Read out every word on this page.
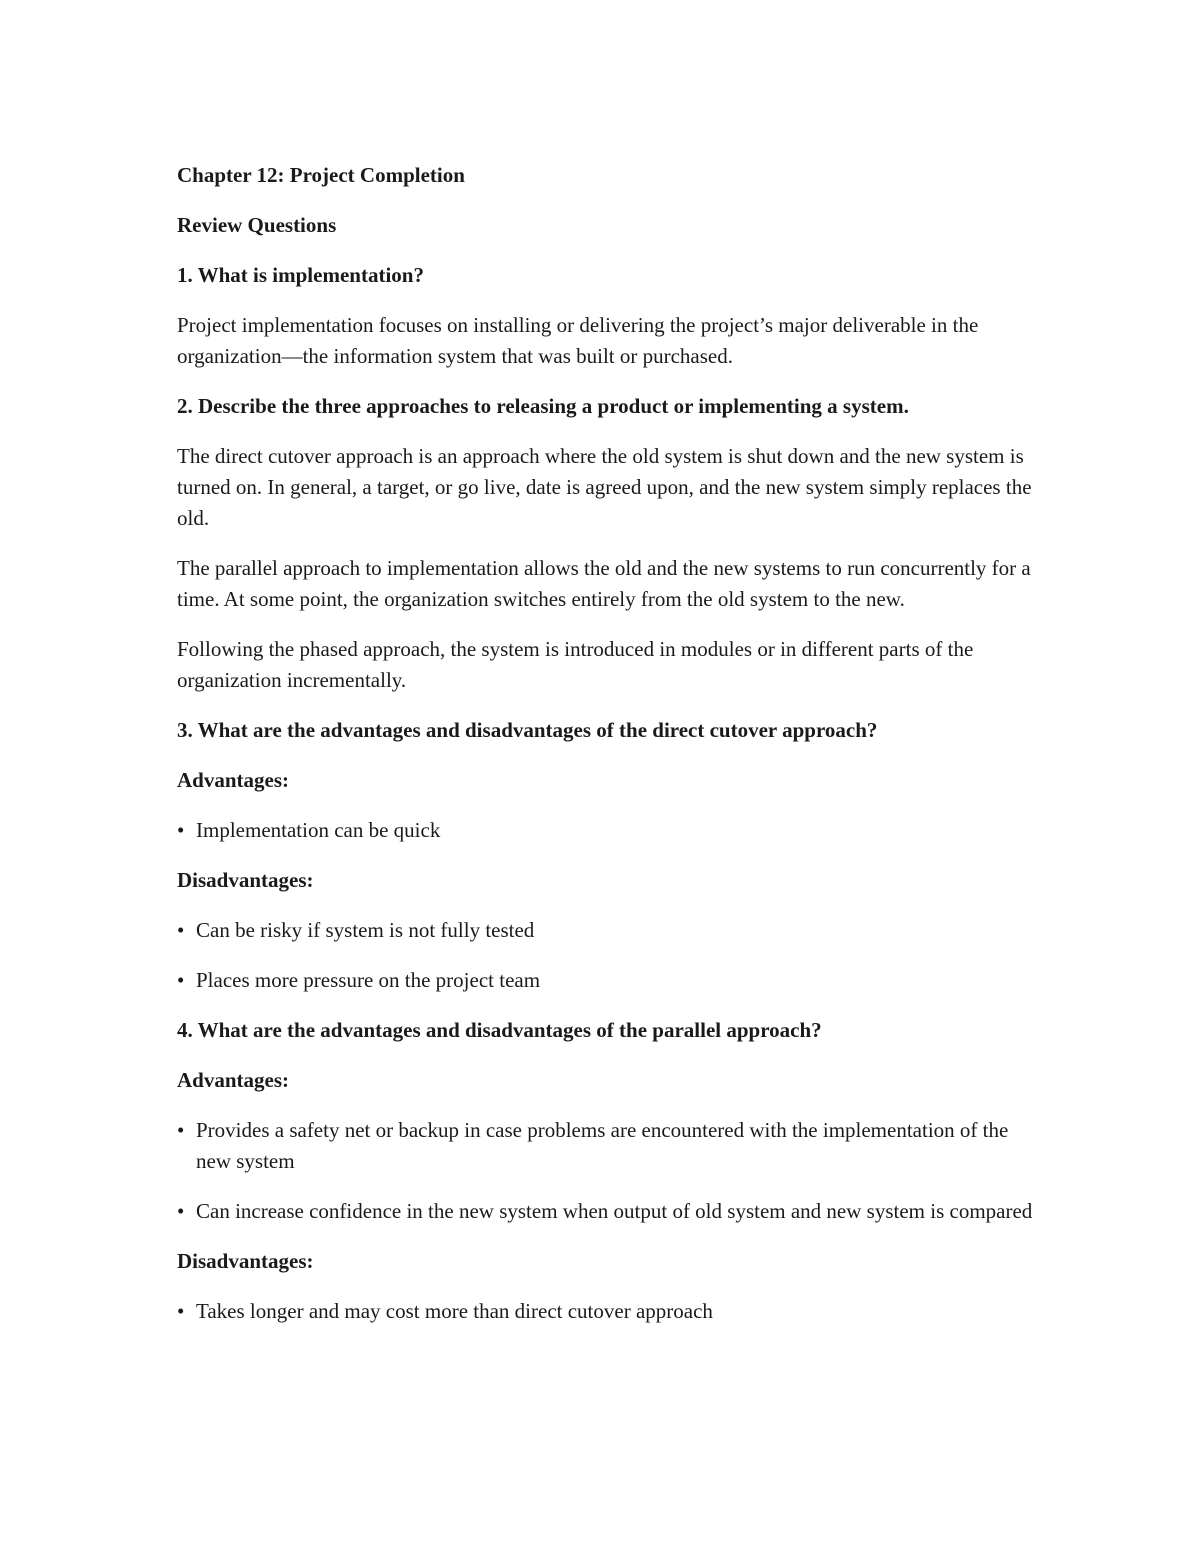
Chapter 12: Project Completion

Review Questions

1. What is implementation?

Project implementation focuses on installing or delivering the project’s major deliverable in the organization—the information system that was built or purchased.

2. Describe the three approaches to releasing a product or implementing a system.

The direct cutover approach is an approach where the old system is shut down and the new system is turned on. In general, a target, or go live, date is agreed upon, and the new system simply replaces the old.

The parallel approach to implementation allows the old and the new systems to run concurrently for a time. At some point, the organization switches entirely from the old system to the new.

Following the phased approach, the system is introduced in modules or in different parts of the organization incrementally.

3. What are the advantages and disadvantages of the direct cutover approach?

Advantages:

• Implementation can be quick

Disadvantages:

• Can be risky if system is not fully tested
• Places more pressure on the project team

4. What are the advantages and disadvantages of the parallel approach?

Advantages:

• Provides a safety net or backup in case problems are encountered with the implementation of the new system
• Can increase confidence in the new system when output of old system and new system is compared

Disadvantages:

• Takes longer and may cost more than direct cutover approach
